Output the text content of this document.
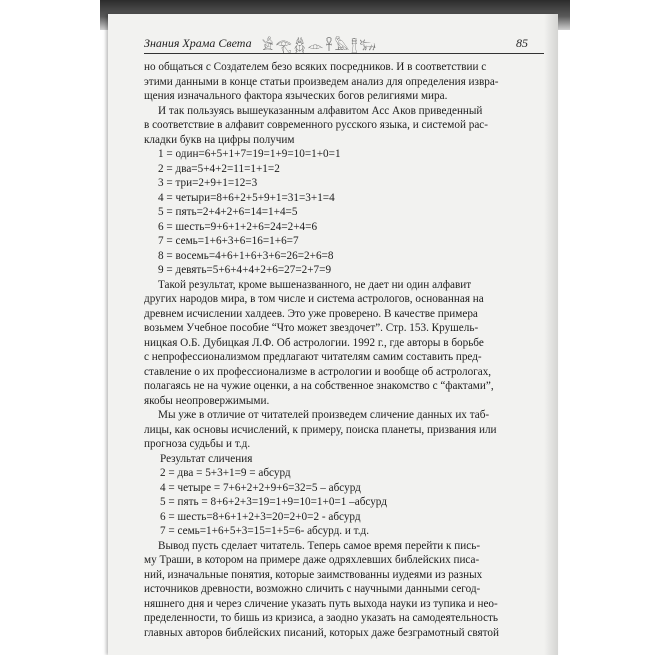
Знания Храма Света 𓀀𓂀𓆣𓁹𓋹𓅓𓊽𓃒	85
но общаться с Создателем безо всяких посредников. И в соответствии с
этими данными в конце статьи произведем анализ для определения извра-
щения изначального фактора языческих богов религиями мира.
И так пользуясь вышеуказанным алфавитом Асс Аков приведенный
в соответствие в алфавит современного русского языка, и системой рас-
кладки букв на цифры получим
1 = один=6+5+1+7=19=1+9=10=1+0=1
2 = два=5+4+2=11=1+1=2
3 = три=2+9+1=12=3
4 = четыри=8+6+2+5+9+1=31=3+1=4
5 = пять=2+4+2+6=14=1+4=5
6 = шесть=9+6+1+2+6=24=2+4=6
7 = семь=1+6+3+6=16=1+6=7
8 = восемь=4+6+1+6+3+6=26=2+6=8
9 = девять=5+6+4+4+2+6=27=2+7=9
Такой результат, кроме вышеназванного, не дает ни один алфавит
других народов мира, в том числе и система астрологов, основанная на
древнем исчислении халдеев. Это уже проверено. В качестве примера
возьмем Учебное пособие “Что может звездочет”. Стр. 153. Крушель-
ницкая О.Б. Дубицкая Л.Ф. Об астрологии. 1992 г., где авторы в борьбе
с непрофессионализмом предлагают читателям самим составить пред-
ставление о их профессионализме в астрологии и вообще об астрологах,
полагаясь не на чужие оценки, а на собственное знакомство с “фактами”,
якобы неопровержимыми.
Мы уже в отличие от читателей произведем сличение данных их таб-
лицы, как основы исчислений, к примеру, поиска планеты, призвания или
прогноза судьбы и т.д.
Результат сличения
2 = два = 5+3+1=9 = абсурд
4 = четыре = 7+6+2+2+9+6=32=5 – абсурд
5 = пять = 8+6+2+3=19=1+9=10=1+0=1 –абсурд
6 = шесть=8+6+1+2+3=20=2+0=2 - абсурд
7 = семь=1+6+5+3=15=1+5=6- абсурд. и т.д.
Вывод пусть сделает читатель. Теперь самое время перейти к пись-
му Траши, в котором на примере даже одряхлевших библейских писа-
ний, изначальные понятия, которые заимствованны иудеями из разных
источников древности, возможно сличить с научными данными сегод-
няшнего дня и через сличение указать путь выхода науки из тупика и нео-
пределенности, то бишь из кризиса, а заодно указать на самодеятельность
главных авторов библейских писаний, которых даже безграмотный святой
